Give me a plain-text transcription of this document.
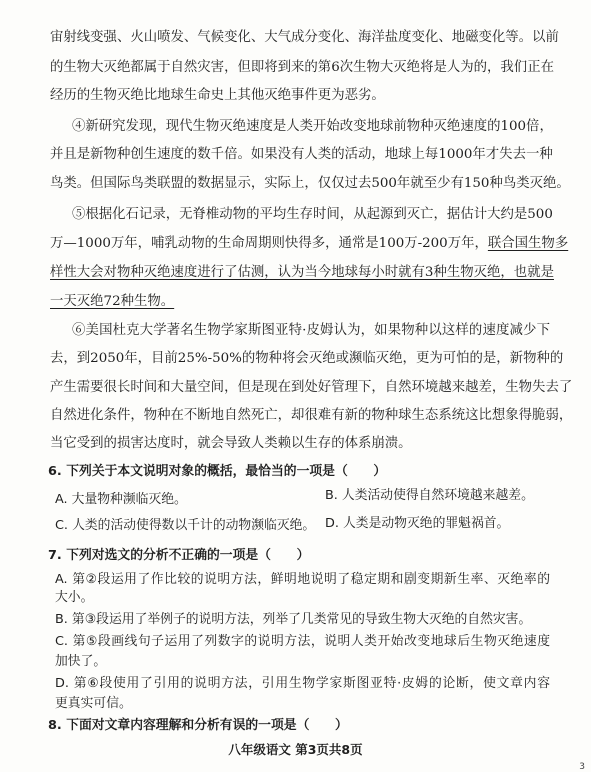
宙射线变强、火山喷发、气候变化、大气成分变化、海洋盐度变化、地磁变化等。以前
的生物大灭绝都属于自然灾害，但即将到来的第6次生物大灭绝将是人为的，我们正在
经历的生物灭绝比地球生命史上其他灭绝事件更为恶劣。
④新研究发现，现代生物灭绝速度是人类开始改变地球前物种灭绝速度的100倍，
并且是新物种创生速度的数千倍。如果没有人类的活动，地球上每1000年才失去一种
鸟类。但国际鸟类联盟的数据显示，实际上，仅仅过去500年就至少有150种鸟类灭绝。
⑤根据化石记录，无脊椎动物的平均生存时间，从起源到灭亡，据估计大约是500
万—1000万年，哺乳动物的生命周期则快得多，通常是100万-200万年，联合国生物多
样性大会对物种灭绝速度进行了估测，认为当今地球每小时就有3种生物灭绝，也就是
一天灭绝72种生物。
⑥美国杜克大学著名生物学家斯图亚特·皮姆认为，如果物种以这样的速度减少下
去，到2050年，目前25%-50%的物种将会灭绝或濒临灭绝，更为可怕的是，新物种的
产生需要很长时间和大量空间，但是现在到处好管理下，自然环境越来越差，生物失去了
自然进化条件，物种在不断地自然死亡，却很难有新的物种球生态系统这比想象得脆弱，
当它受到的损害达度时，就会导致人类赖以生存的体系崩溃。
6. 下列关于本文说明对象的概括，最恰当的一项是（　　）
A. 大量物种濒临灭绝。	B. 人类活动使得自然环境越来越差。
C. 人类的活动使得数以千计的动物濒临灭绝。 D. 人类是动物灭绝的罪魁祸首。
7. 下列对选文的分析不正确的一项是（　　）
A. 第②段运用了作比较的说明方法，鲜明地说明了稳定期和剧变期新生率、灭绝率的
大小。
B. 第③段运用了举例子的说明方法，列举了几类常见的导致生物大灭绝的自然灾害。
C. 第⑤段画线句子运用了列数字的说明方法，说明人类开始改变地球后生物灭绝速度
加快了。
D. 第⑥段使用了引用的说明方法，引用生物学家斯图亚特·皮姆的论断，使文章内容
更真实可信。
8. 下面对文章内容理解和分析有误的一项是（　　）
八年级语文 第3页共8页
3
